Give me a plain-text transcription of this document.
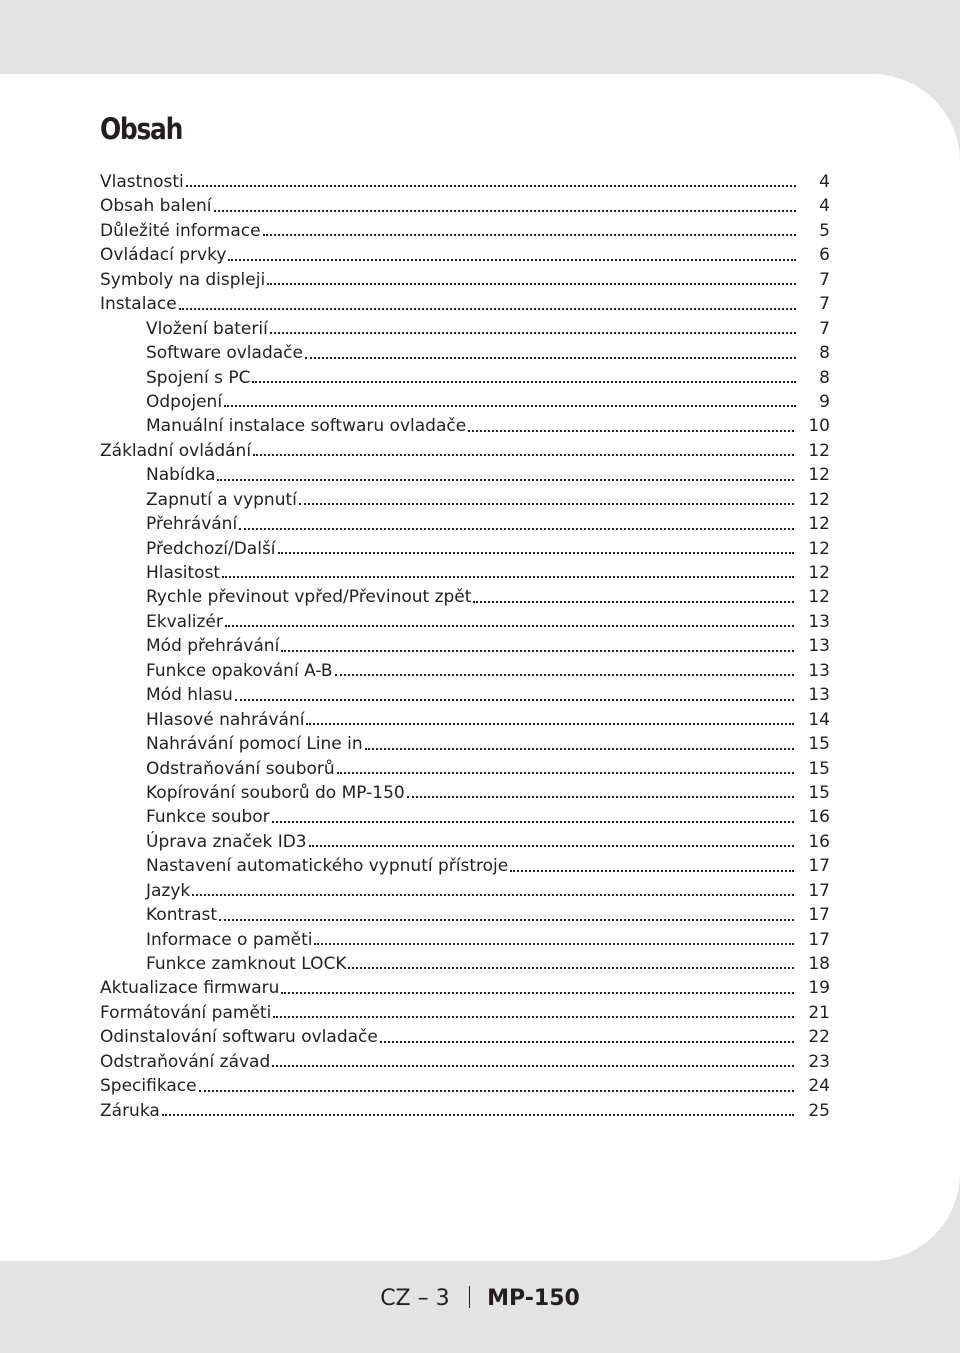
Obsah
Vlastnosti	4
Obsah balení	4
Důležité informace	5
Ovládací prvky	6
Symboly na displeji	7
Instalace	7
Vložení baterií	7
Software ovladače	8
Spojení s PC	8
Odpojení	9
Manuální instalace softwaru ovladače	10
Základní ovládání	12
Nabídka	12
Zapnutí a vypnutí	12
Přehrávání	12
Předchozí/Další	12
Hlasitost	12
Rychle převinout vpřed/Převinout zpět	12
Ekvalizér	13
Mód přehrávání	13
Funkce opakování A-B	13
Mód hlasu	13
Hlasové nahrávání	14
Nahrávání pomocí Line in	15
Odstraňování souborů	15
Kopírování souborů do MP-150	15
Funkce soubor	16
Úprava značek ID3	16
Nastavení automatického vypnutí přístroje	17
Jazyk	17
Kontrast	17
Informace o paměti	17
Funkce zamknout LOCK	18
Aktualizace firmwaru	19
Formátování paměti	21
Odinstalování softwaru ovladače	22
Odstraňování závad	23
Specifikace	24
Záruka	25
CZ – 3 MP-150
